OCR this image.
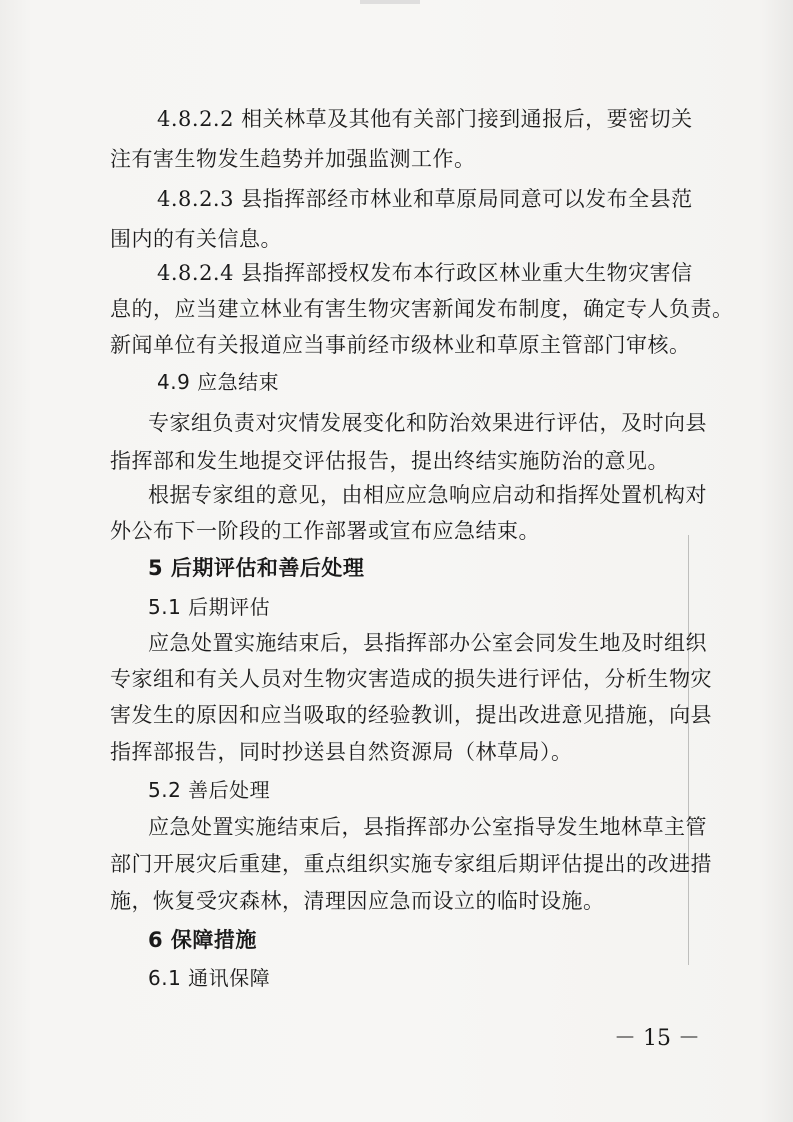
4.8.2.2 相关林草及其他有关部门接到通报后，要密切关
注有害生物发生趋势并加强监测工作。
4.8.2.3 县指挥部经市林业和草原局同意可以发布全县范
围内的有关信息。
4.8.2.4 县指挥部授权发布本行政区林业重大生物灾害信
息的，应当建立林业有害生物灾害新闻发布制度，确定专人负责。
新闻单位有关报道应当事前经市级林业和草原主管部门审核。
4.9 应急结束
专家组负责对灾情发展变化和防治效果进行评估，及时向县
指挥部和发生地提交评估报告，提出终结实施防治的意见。
根据专家组的意见，由相应应急响应启动和指挥处置机构对
外公布下一阶段的工作部署或宣布应急结束。
5 后期评估和善后处理
5.1 后期评估
应急处置实施结束后，县指挥部办公室会同发生地及时组织
专家组和有关人员对生物灾害造成的损失进行评估，分析生物灾
害发生的原因和应当吸取的经验教训，提出改进意见措施，向县
指挥部报告，同时抄送县自然资源局（林草局）。
5.2 善后处理
应急处置实施结束后，县指挥部办公室指导发生地林草主管
部门开展灾后重建，重点组织实施专家组后期评估提出的改进措
施，恢复受灾森林，清理因应急而设立的临时设施。
6 保障措施
6.1 通讯保障
－ 15 －
